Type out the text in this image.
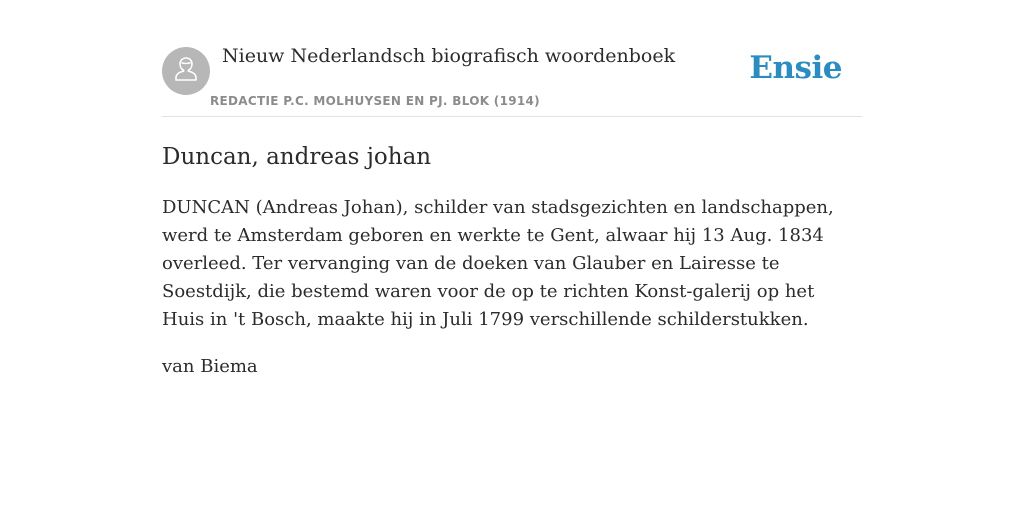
Nieuw Nederlandsch biografisch woordenboek
REDACTIE P.C. MOLHUYSEN EN PJ. BLOK (1914)
Ensie
Duncan, andreas johan

DUNCAN (Andreas Johan), schilder van stadsgezichten en landschappen, werd te Amsterdam geboren en werkte te Gent, alwaar hij 13 Aug. 1834 overleed. Ter vervanging van de doeken van Glauber en Lairesse te Soestdijk, die bestemd waren voor de op te richten Konst-galerij op het Huis in 't Bosch, maakte hij in Juli 1799 verschillende schilderstukken.

van Biema
